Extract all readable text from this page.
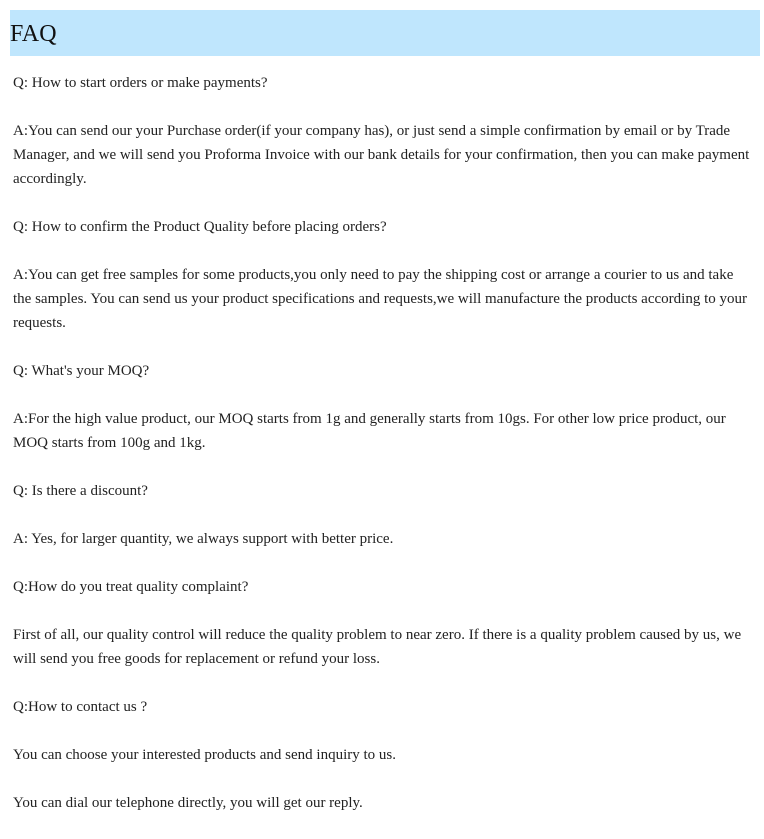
FAQ

Q: How to start orders or make payments?

A:You can send our your Purchase order(if your company has), or just send a simple confirmation by email or by Trade Manager, and we will send you Proforma Invoice with our bank details for your confirmation, then you can make payment accordingly.

Q: How to confirm the Product Quality before placing orders?

A:You can get free samples for some products,you only need to pay the shipping cost or arrange a courier to us and take the samples. You can send us your product specifications and requests,we will manufacture the products according to your requests.

Q: What's your MOQ?

A:For the high value product, our MOQ starts from 1g and generally starts from 10gs. For other low price product, our MOQ starts from 100g and 1kg.

Q: Is there a discount?

A: Yes, for larger quantity, we always support with better price.

Q:How do you treat quality complaint?

First of all, our quality control will reduce the quality problem to near zero. If there is a quality problem caused by us, we will send you free goods for replacement or refund your loss.

Q:How to contact us ?

You can choose your interested products and send inquiry to us.

You can dial our telephone directly, you will get our reply.
